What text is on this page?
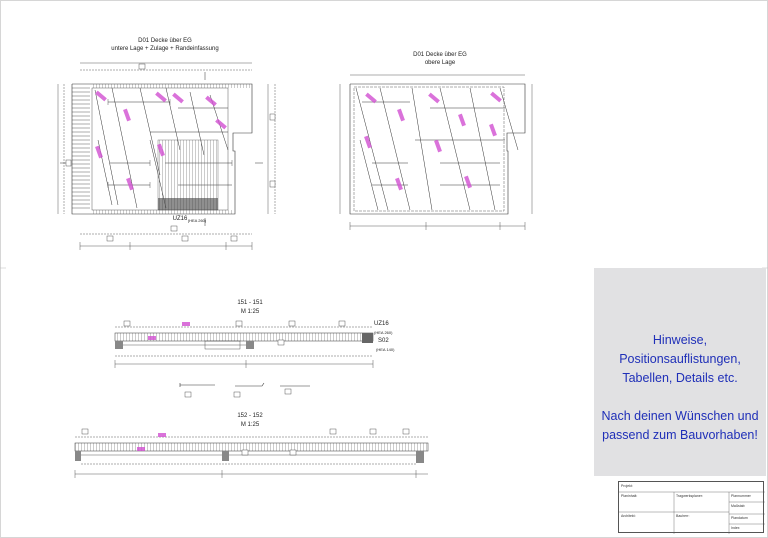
D01 Decke über EG
untere Lage + Zulage + Randeinfassung
UZ16 (HEA 260)
D01 Decke über EG
obere Lage
151 - 151
M 1:25
UZ16
(HEA 260)
S02
(HEA 140)
152 - 152
M 1:25

Hinweise, Positionsauflistungen,

Tabellen, Details etc.

Nach deinen Wünschen und

passend zum Bauvorhaben!

Projekt:
Planinhalt:	Tragwerksplaner:
Architekt:	Bauherr:
Plannummer
Maßstab
Plandatum
Index
